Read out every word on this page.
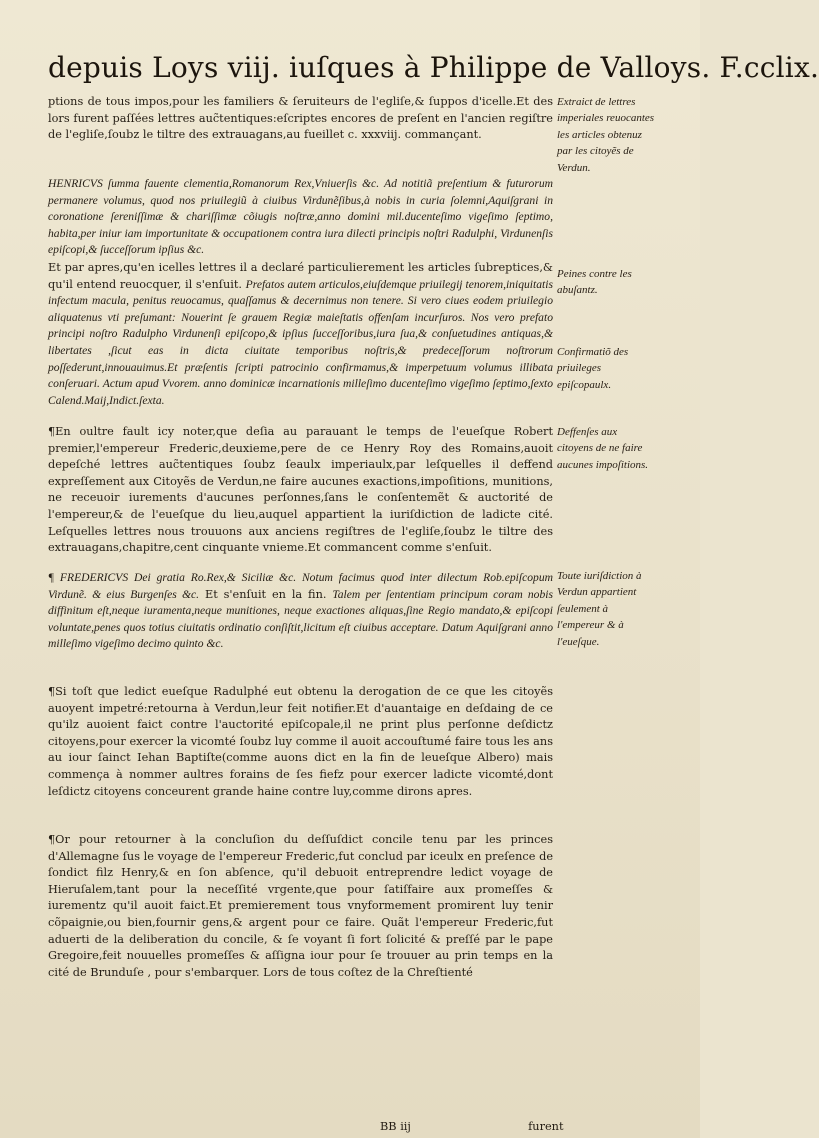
depuis Loys viij. iuſques à Philippe de Valloys. F.cclix.

ptions de tous impos,pour les familiers & ſeruiteurs de l'egliſe,& ſuppos d'icelle.Et des lors furent paſſées lettres auc̃tentiques:eſcriptes encores de preſent en l'ancien regiſtre de l'egliſe,ſoubz le tiltre des extrauagans,au fueillet c. xxxviij. commançant.

HENRICVS ſumma fauente clementia,Romanorum Rex,Vniuerſis &c. Ad notitiã preſentium & futurorum permanere volumus, quod nos priuilegiũ à ciuibus Virdunẽſibus,à nobis in curia ſolemni,Aquiſgrani in coronatione ſereniſſimæ & chariſſimæ cõiugis noſtræ,anno domini mil.ducenteſimo vigeſimo ſeptimo, habita,per iniur iam importunitate & occupationem contra iura dilecti principis noſtri Radulphi, Virdunenſis epiſcopi,& ſucceſſorum ipſius &c.

Et par apres,qu'en icelles lettres il a declaré particulierement les articles ſubreptices,& qu'il entend reuocquer, il s'enſuit. Prefatos autem articulos,eiuſdemque priuilegij tenorem,iniquitatis infectum macula, penitus reuocamus, quaſſamus & decernimus non tenere. Si vero ciues eodem priuilegio aliquatenus vti preſumant: Nouerint ſe grauem Regiæ maieſtatis offenſam incurſuros. Nos vero prefato principi noſtro Radulpho Virdunenſi epiſcopo,& ipſius ſucceſſoribus,iura ſua,& conſuetudines antiquas,& libertates ,ſicut eas in dicta ciuitate temporibus noſtris,& predeceſſorum noſtrorum poſſederunt,innouauimus.Et præſentis ſcripti patrocinio confirmamus,& imperpetuum volumus illibata conſeruari. Actum apud Vvorem. anno dominicæ incarnationis milleſimo ducenteſimo vigeſimo ſeptimo,ſexto Calend.Maij,Indict.ſexta.

¶En oultre fault icy noter,que deſia au parauant le temps de l'eueſque Robert premier,l'empereur Frederic,deuxieme,pere de ce Henry Roy des Romains,auoit depeſché lettres auc̃tentiques ſoubz ſeaulx imperiaulx,par leſquelles il deffend expreſſement aux Citoyẽs de Verdun,ne faire aucunes exactions,impoſitions, munitions, ne receuoir iurements d'aucunes perſonnes,ſans le conſentemẽt & auctorité de l'empereur,& de l'eueſque du lieu,auquel appartient la iuriſdiction de ladicte cité. Leſquelles lettres nous trouuons aux anciens regiſtres de l'egliſe,ſoubz le tiltre des extrauagans,chapitre,cent cinquante vnieme.Et commancent comme s'enſuit.

¶ FREDERICVS Dei gratia Ro.Rex,& Siciliæ &c. Notum facimus quod inter dilectum Rob.epiſcopum Virdunẽ. & eius Burgenſes &c. Et s'enſuit en la fin. Talem per ſententiam principum coram nobis diffinitum eſt,neque iuramenta,neque munitiones, neque exactiones aliquas,ſine Regio mandato,& epiſcopi voluntate,penes quos totius ciuitatis ordinatio conſiſtit,licitum eſt ciuibus acceptare. Datum Aquiſgrani anno milleſimo vigeſimo decimo quinto &c.

¶Si toſt que ledict eueſque Radulphé eut obtenu la derogation de ce que les citoyẽs auoyent impetré:retourna à Verdun,leur feit notifier.Et d'auantaige en deſdaing de ce qu'ilz auoient faict contre l'auctorité epiſcopale,il ne print plus perſonne deſdictz citoyens,pour exercer la vicomté ſoubz luy comme il auoit accouſtumé faire tous les ans au iour ſainct Iehan Baptiſte(comme auons dict en la fin de leueſque Albero) mais commença à nommer aultres forains de ſes fiefz pour exercer ladicte vicomté,dont leſdictz citoyens conceurent grande haine contre luy,comme dirons apres.

¶Or pour retourner à la concluſion du deſſuſdict concile tenu par les princes d'Allemagne ſus le voyage de l'empereur Frederic,fut conclud par iceulx en preſence de ſondict filz Henry,& en ſon abſence, qu'il debuoit entreprendre ledict voyage de Hieruſalem,tant pour la neceſſité vrgente,que pour ſatiſfaire aux promeſſes & iurementz qu'il auoit faict.Et premierement tous vnyformement promirent luy tenir cõpaignie,ou bien,fournir gens,& argent pour ce faire. Quãt l'empereur Frederic,fut aduerti de la deliberation du concile, & ſe voyant ſi fort ſolicité & preſſé par le pape Gregoire,feit nouuelles promeſſes & aſſigna iour pour ſe trouuer au prin temps en la cité de Brunduſe , pour s'embarquer. Lors de tous coſtez de la Chreſtienté

Extraict de lettres imperiales reuocantes les articles obtenuz par les citoyẽs de Verdun.
Peines contre les abuſantz.
Confirmatiõ des priuileges epiſcopaulx.
Deffenſes aux citoyens de ne faire aucunes impoſitions.
Toute iuriſdiction à Verdun appartient ſeulement à l'empereur & à l'eueſque.
BB iij	furent
